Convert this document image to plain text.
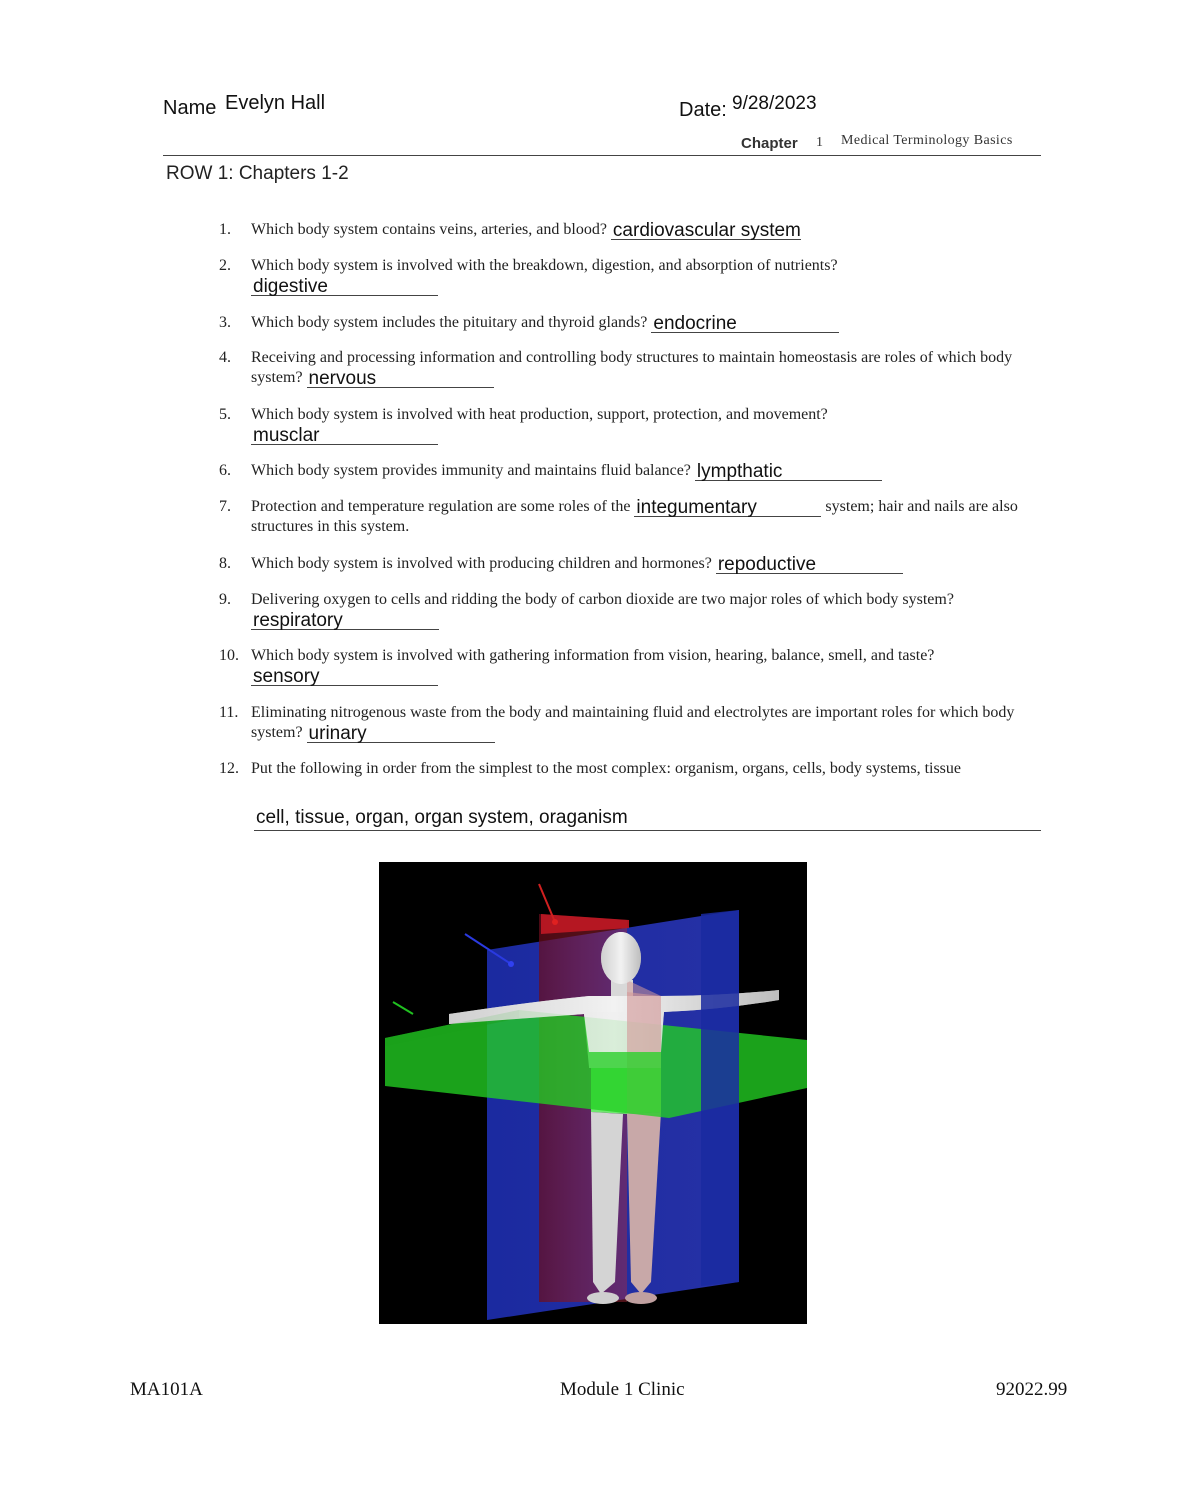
Name Evelyn Hall	Date: 9/28/2023
Chapter 1 Medical Terminology Basics
ROW 1: Chapters 1-2
1.	Which body system contains veins, arteries, and blood? cardiovascular system
2.	Which body system is involved with the breakdown, digestion, and absorption of nutrients?

digestive
3.	Which body system includes the pituitary and thyroid glands? endocrine
4.	Receiving and processing information and controlling body structures to maintain homeostasis are roles of which body system? nervous
5.	Which body system is involved with heat production, support, protection, and movement?

musclar
6.	Which body system provides immunity and maintains fluid balance? lympthatic
7.	Protection and temperature regulation are some roles of the integumentary	system; hair and nails are also structures in this system.
8.	Which body system is involved with producing children and hormones? repoductive
9.	Delivering oxygen to cells and ridding the body of carbon dioxide are two major roles of which body system?
respiratory
10. Which body system is involved with gathering information from vision, hearing, balance, smell, and taste?
sensory
11. Eliminating nitrogenous waste from the body and maintaining fluid and electrolytes are important roles for which body system? urinary
12. Put the following in order from the simplest to the most complex: organism, organs, cells, body systems, tissue
cell, tissue, organ, organ system, oraganism
MA101A	Module 1 Clinic	92022.99
